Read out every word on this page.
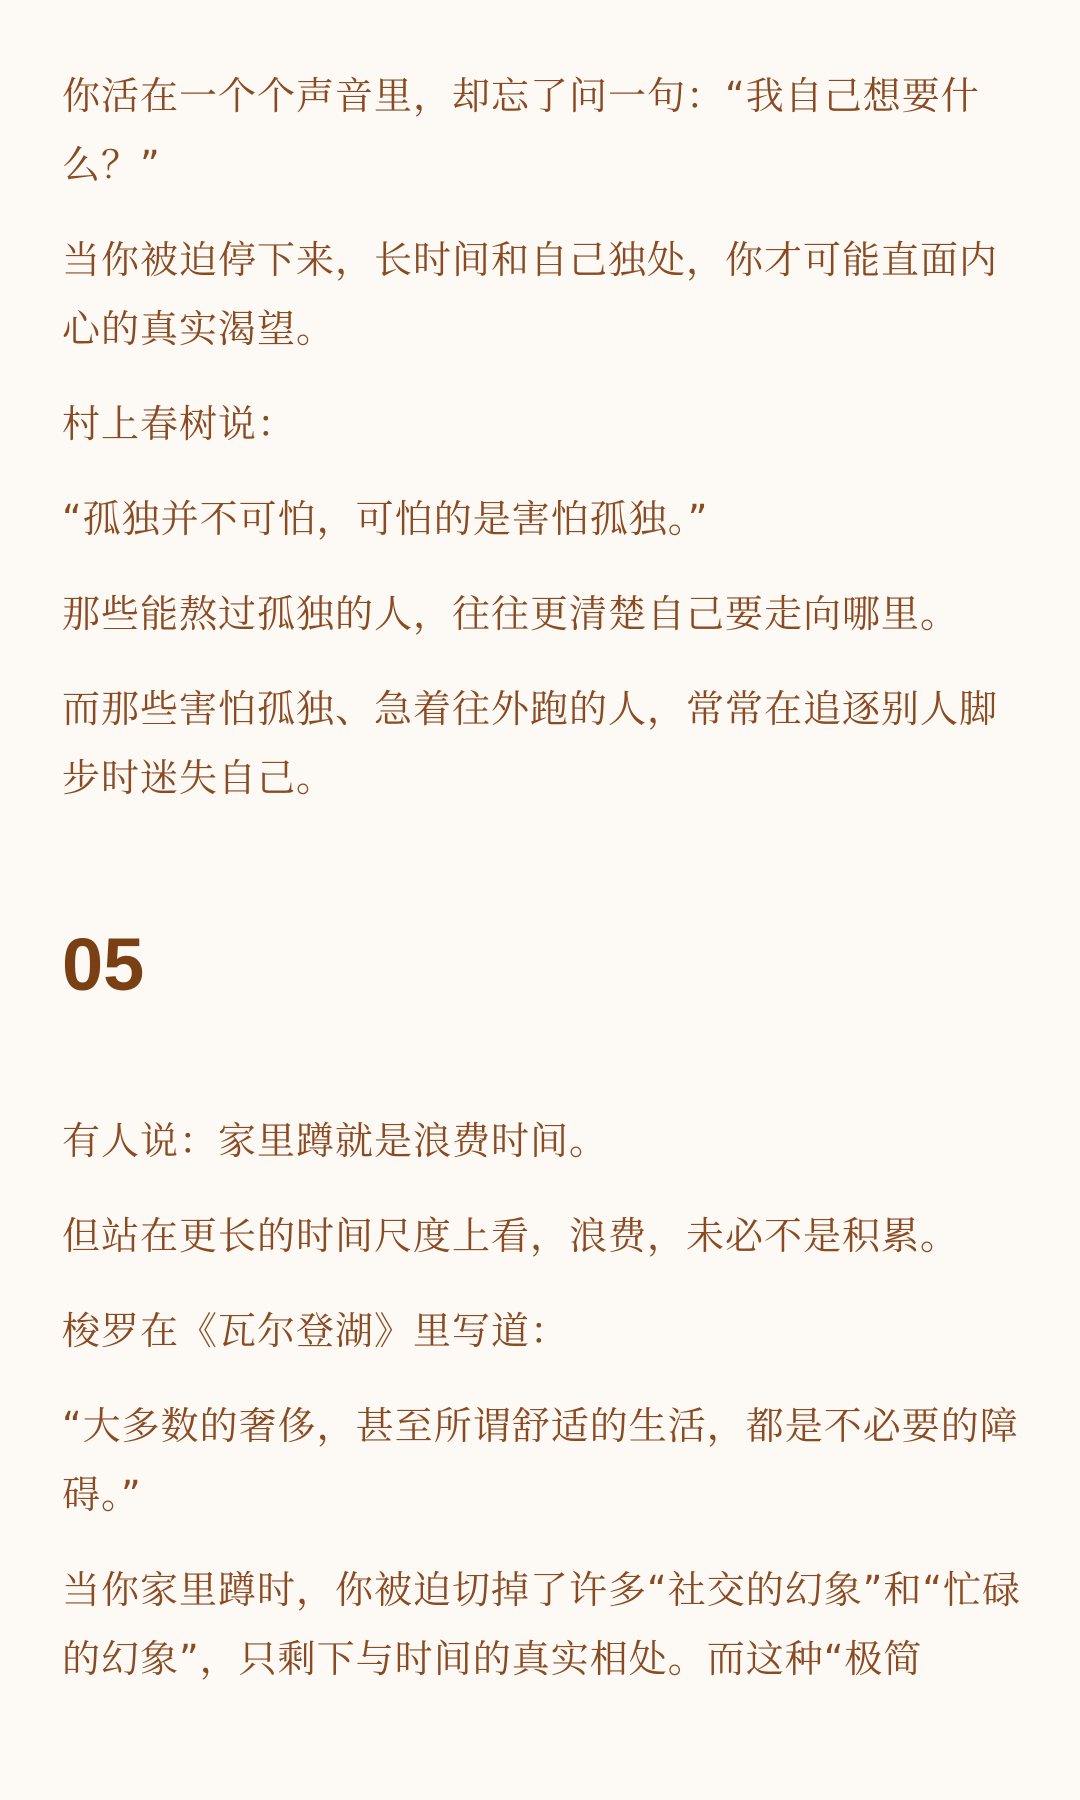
你活在一个个声音里，却忘了问一句：“我自己想要什么？”

当你被迫停下来，长时间和自己独处，你才可能直面内心的真实渴望。

村上春树说：

“孤独并不可怕，可怕的是害怕孤独。”

那些能熬过孤独的人，往往更清楚自己要走向哪里。

而那些害怕孤独、急着往外跑的人，常常在追逐别人脚步时迷失自己。

05

有人说：家里蹲就是浪费时间。

但站在更长的时间尺度上看，浪费，未必不是积累。

梭罗在《瓦尔登湖》里写道：

“大多数的奢侈，甚至所谓舒适的生活，都是不必要的障碍。”

当你家里蹲时，你被迫切掉了许多“社交的幻象”和“忙碌的幻象”，只剩下与时间的真实相处。而这种“极简
